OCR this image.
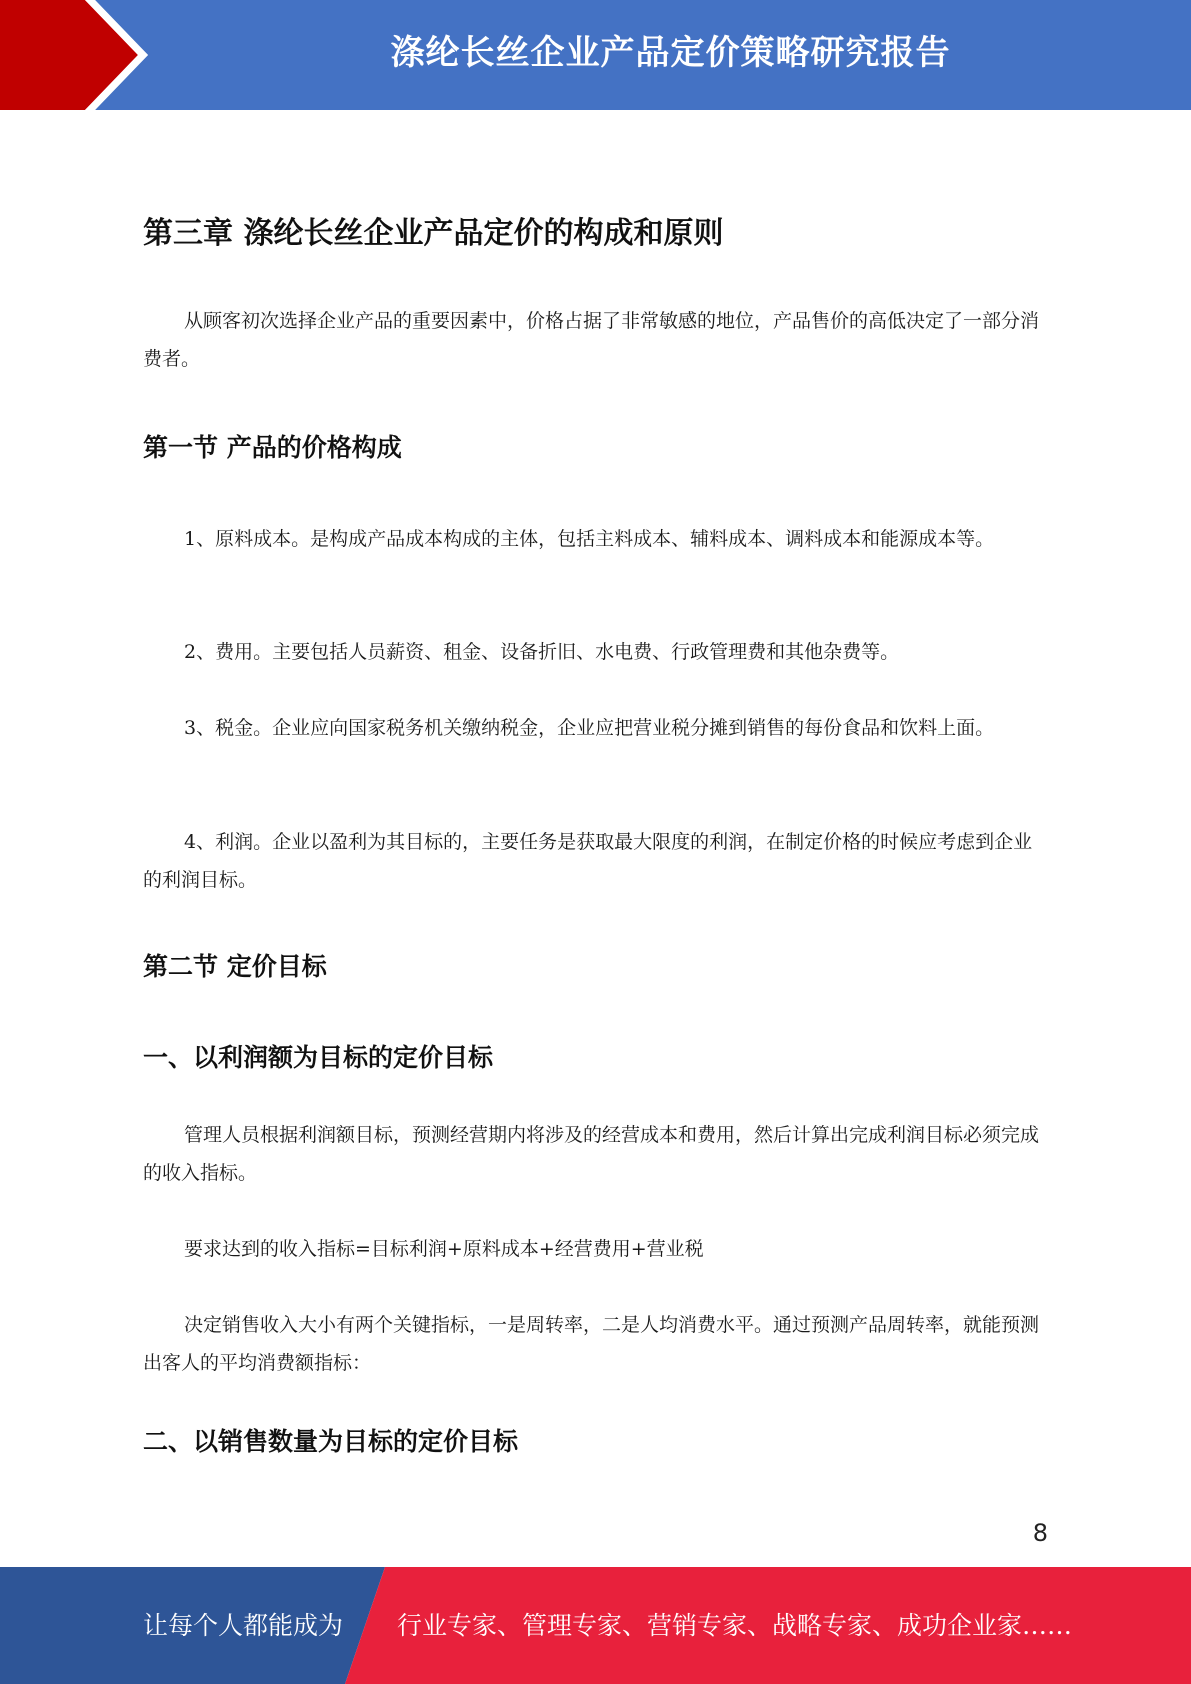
涤纶长丝企业产品定价策略研究报告
第三章 涤纶长丝企业产品定价的构成和原则

从顾客初次选择企业产品的重要因素中，价格占据了非常敏感的地位，产品售价的高低决定了一部分消费者。

第一节 产品的价格构成

1、原料成本。是构成产品成本构成的主体，包括主料成本、辅料成本、调料成本和能源成本等。

2、费用。主要包括人员薪资、租金、设备折旧、水电费、行政管理费和其他杂费等。

3、税金。企业应向国家税务机关缴纳税金，企业应把营业税分摊到销售的每份食品和饮料上面。

4、利润。企业以盈利为其目标的，主要任务是获取最大限度的利润，在制定价格的时候应考虑到企业的利润目标。

第二节 定价目标
一、以利润额为目标的定价目标

管理人员根据利润额目标，预测经营期内将涉及的经营成本和费用，然后计算出完成利润目标必须完成的收入指标。

要求达到的收入指标=目标利润+原料成本+经营费用+营业税

决定销售收入大小有两个关键指标，一是周转率，二是人均消费水平。通过预测产品周转率，就能预测出客人的平均消费额指标：

二、以销售数量为目标的定价目标
8
让每个人都能成为 行业专家、管理专家、营销专家、战略专家、成功企业家……
